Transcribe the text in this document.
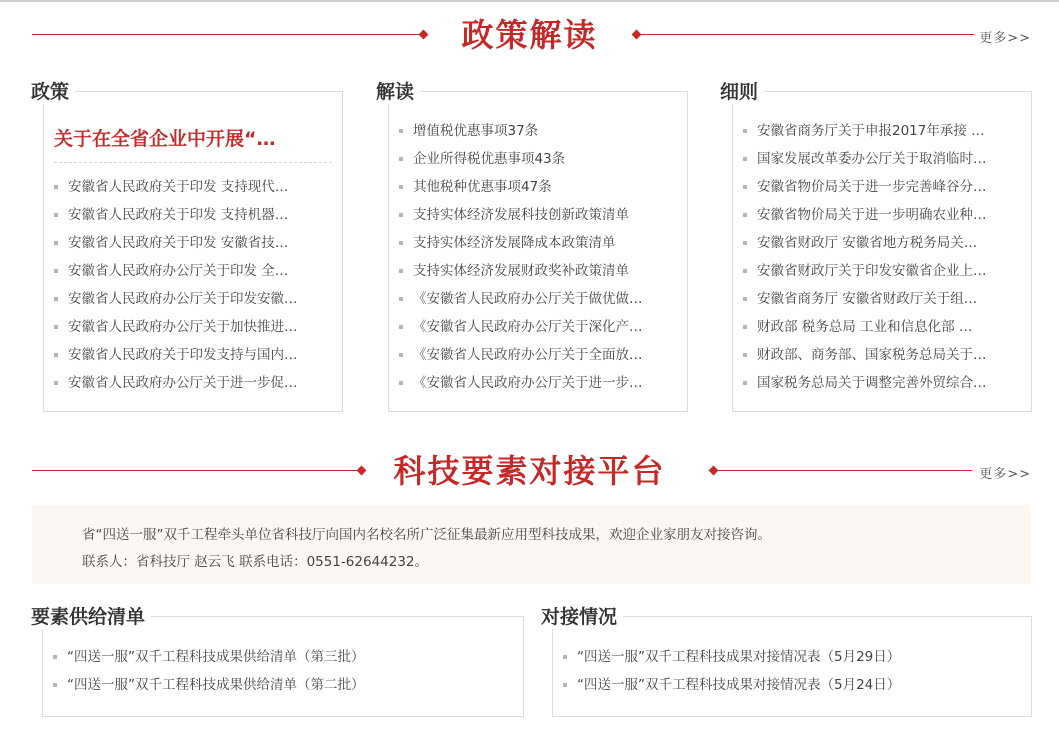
政策解读	更多>>
关于在全省企业中开展“…
安徽省人民政府关于印发 支持现代…
安徽省人民政府关于印发 支持机器…
安徽省人民政府关于印发 安徽省技…
安徽省人民政府办公厅关于印发 全…
安徽省人民政府办公厅关于印发安徽…
安徽省人民政府办公厅关于加快推进…
安徽省人民政府关于印发支持与国内…
安徽省人民政府办公厅关于进一步促…
政策
增值税优惠事项37条
企业所得税优惠事项43条
其他税种优惠事项47条
支持实体经济发展科技创新政策清单
支持实体经济发展降成本政策清单
支持实体经济发展财政奖补政策清单
《安徽省人民政府办公厅关于做优做…
《安徽省人民政府办公厅关于深化产…
《安徽省人民政府办公厅关于全面放…
《安徽省人民政府办公厅关于进一步…
解读
安徽省商务厅关于申报2017年承接 …
国家发展改革委办公厅关于取消临时…
安徽省物价局关于进一步完善峰谷分…
安徽省物价局关于进一步明确农业种…
安徽省财政厅 安徽省地方税务局关…
安徽省财政厅关于印发安徽省企业上…
安徽省商务厅 安徽省财政厅关于组…
财政部 税务总局 工业和信息化部 …
财政部、商务部、国家税务总局关于…
国家税务总局关于调整完善外贸综合…
细则
科技要素对接平台	更多>>

省“四送一服”双千工程牵头单位省科技厅向国内名校名所广泛征集最新应用型科技成果，欢迎企业家朋友对接咨询。

联系人：省科技厅 赵云飞 联系电话：0551-62644232。

“四送一服”双千工程科技成果供给清单（第三批）
“四送一服”双千工程科技成果供给清单（第二批）
要素供给清单
“四送一服”双千工程科技成果对接情况表（5月29日）
“四送一服”双千工程科技成果对接情况表（5月24日）
对接情况
